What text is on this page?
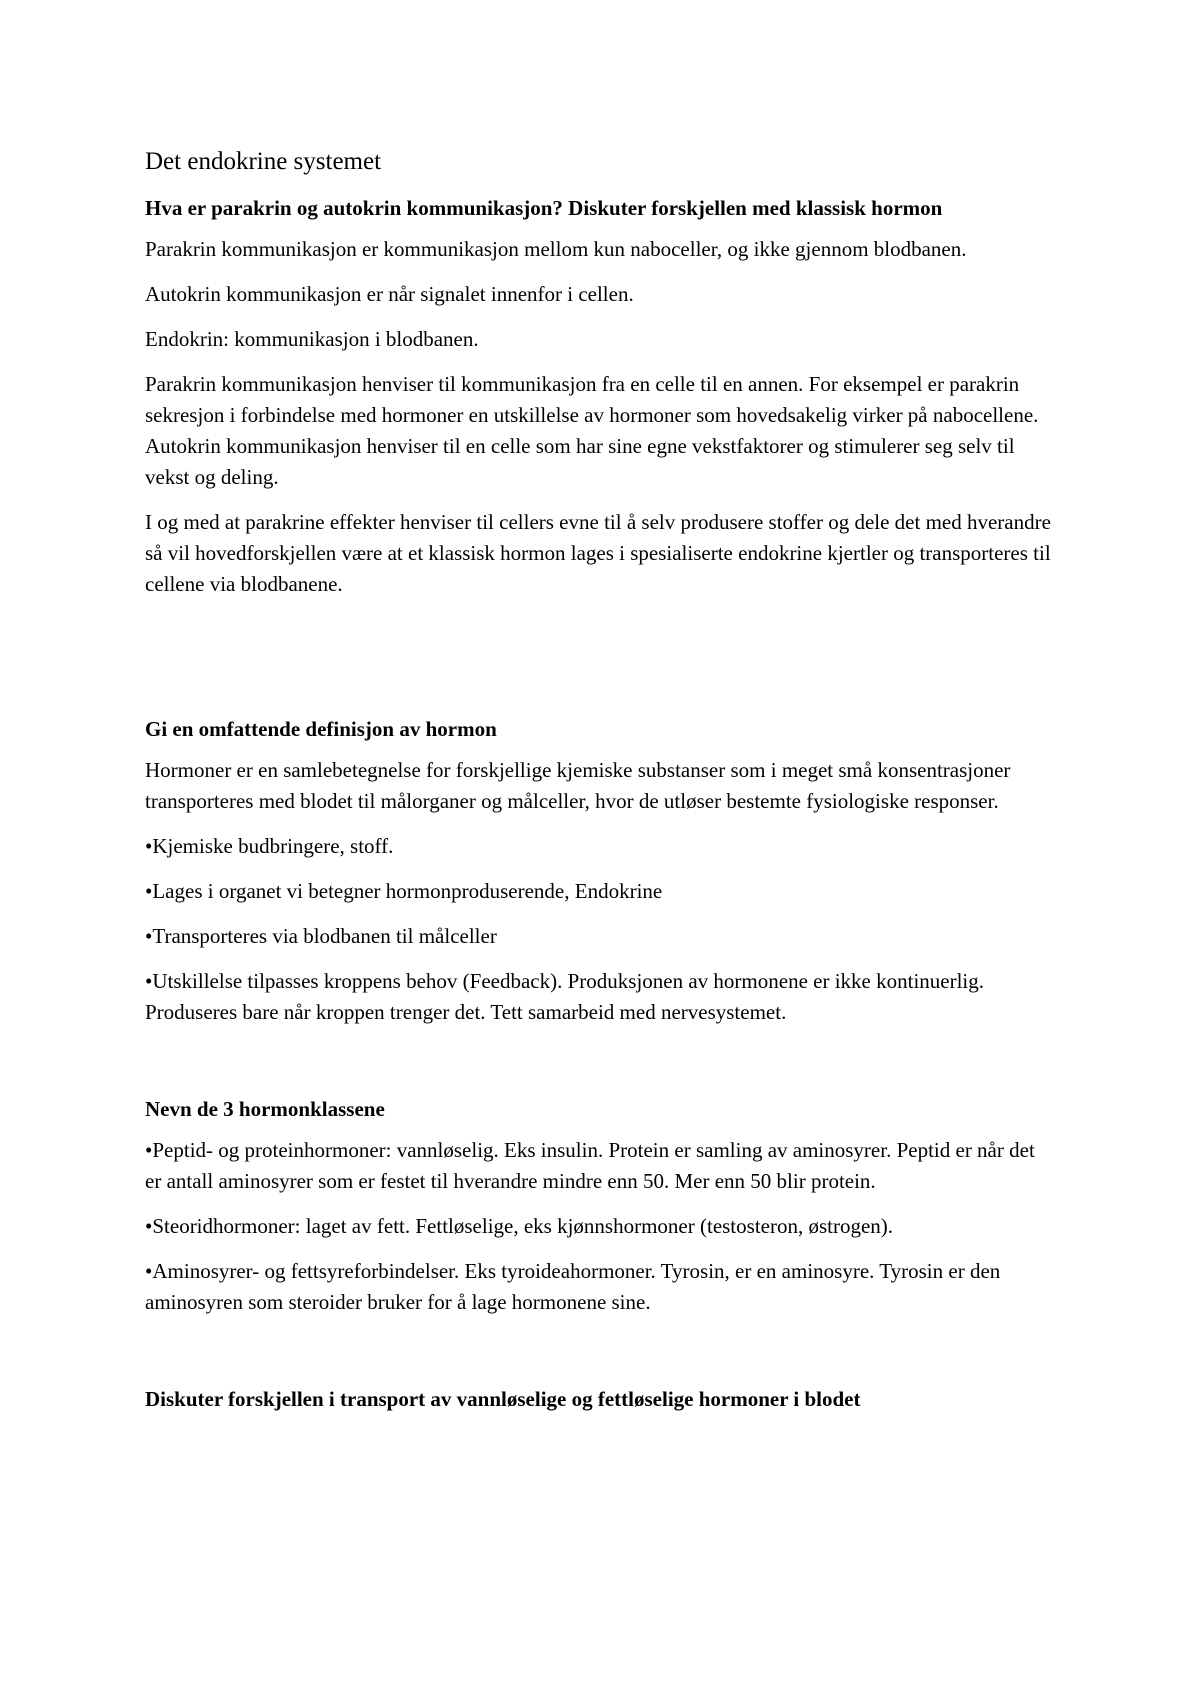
Det endokrine systemet
Hva er parakrin og autokrin kommunikasjon? Diskuter forskjellen med klassisk hormon
Parakrin kommunikasjon er kommunikasjon mellom kun naboceller, og ikke gjennom blodbanen.
Autokrin kommunikasjon er når signalet innenfor i cellen.
Endokrin: kommunikasjon i blodbanen.
Parakrin kommunikasjon henviser til kommunikasjon fra en celle til en annen. For eksempel er parakrin sekresjon i forbindelse med hormoner en utskillelse av hormoner som hovedsakelig virker på nabocellene. Autokrin kommunikasjon henviser til en celle som har sine egne vekstfaktorer og stimulerer seg selv til vekst og deling.
I og med at parakrine effekter henviser til cellers evne til å selv produsere stoffer og dele det med hverandre så vil hovedforskjellen være at et klassisk hormon lages i spesialiserte endokrine kjertler og transporteres til cellene via blodbanene.
Gi en omfattende definisjon av hormon
Hormoner er en samlebetegnelse for forskjellige kjemiske substanser som i meget små konsentrasjoner transporteres med blodet til målorganer og målceller, hvor de utløser bestemte fysiologiske responser.
• Kjemiske budbringere, stoff.
• Lages i organet vi betegner hormonproduserende, Endokrine
• Transporteres via blodbanen til målceller
• Utskillelse tilpasses kroppens behov (Feedback). Produksjonen av hormonene er ikke kontinuerlig. Produseres bare når kroppen trenger det. Tett samarbeid med nervesystemet.
Nevn de 3 hormonklassene
• Peptid- og proteinhormoner: vannløselig. Eks insulin. Protein er samling av aminosyrer. Peptid er når det er antall aminosyrer som er festet til hverandre mindre enn 50. Mer enn 50 blir protein.
• Steoridhormoner: laget av fett. Fettløselige, eks kjønnshormoner (testosteron, østrogen).
• Aminosyrer- og fettsyreforbindelser. Eks tyroideahormoner. Tyrosin, er en aminosyre. Tyrosin er den aminosyren som steroider bruker for å lage hormonene sine.
Diskuter forskjellen i transport av vannløselige og fettløselige hormoner i blodet
